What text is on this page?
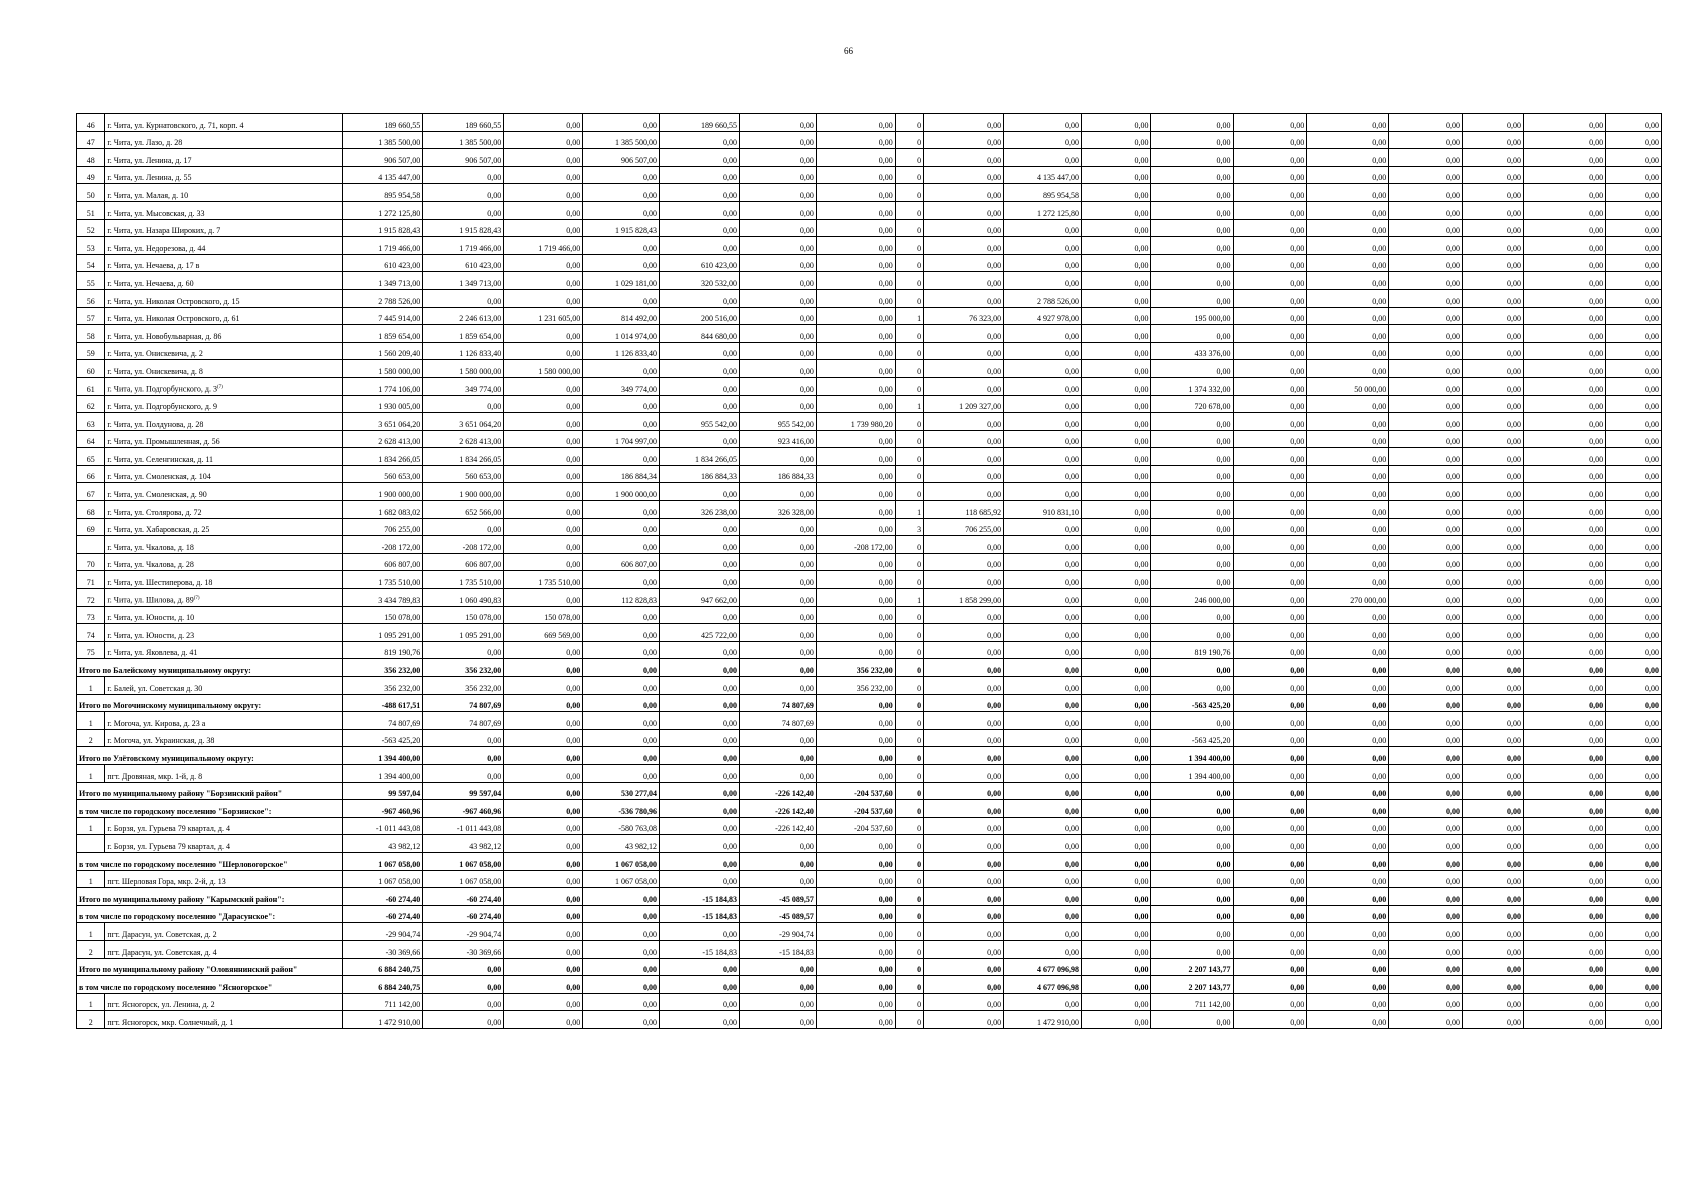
66
46	г. Чита, ул. Курнатовского, д. 71, корп. 4	189 660,55	189 660,55	0,00	0,00	189 660,55	0,00	0,00	0	0,00	0,00	0,00	0,00	0,00	0,00	0,00	0,00	0,00	0,00
47	г. Чита, ул. Лазо, д. 28	1 385 500,00	1 385 500,00	0,00	1 385 500,00	0,00	0,00	0,00	0	0,00	0,00	0,00	0,00	0,00	0,00	0,00	0,00	0,00	0,00
48	г. Чита, ул. Ленина, д. 17	906 507,00	906 507,00	0,00	906 507,00	0,00	0,00	0,00	0	0,00	0,00	0,00	0,00	0,00	0,00	0,00	0,00	0,00	0,00
49	г. Чита, ул. Ленина, д. 55	4 135 447,00	0,00	0,00	0,00	0,00	0,00	0,00	0	0,00	4 135 447,00	0,00	0,00	0,00	0,00	0,00	0,00	0,00	0,00
50	г. Чита, ул. Малая, д. 10	895 954,58	0,00	0,00	0,00	0,00	0,00	0,00	0	0,00	895 954,58	0,00	0,00	0,00	0,00	0,00	0,00	0,00	0,00
51	г. Чита, ул. Мысовская, д. 33	1 272 125,80	0,00	0,00	0,00	0,00	0,00	0,00	0	0,00	1 272 125,80	0,00	0,00	0,00	0,00	0,00	0,00	0,00	0,00
52	г. Чита, ул. Назара Широких, д. 7	1 915 828,43	1 915 828,43	0,00	1 915 828,43	0,00	0,00	0,00	0	0,00	0,00	0,00	0,00	0,00	0,00	0,00	0,00	0,00	0,00
53	г. Чита, ул. Недорезова, д. 44	1 719 466,00	1 719 466,00	1 719 466,00	0,00	0,00	0,00	0,00	0	0,00	0,00	0,00	0,00	0,00	0,00	0,00	0,00	0,00	0,00
54	г. Чита, ул. Нечаева, д. 17 в	610 423,00	610 423,00	0,00	0,00	610 423,00	0,00	0,00	0	0,00	0,00	0,00	0,00	0,00	0,00	0,00	0,00	0,00	0,00
55	г. Чита, ул. Нечаева, д. 60	1 349 713,00	1 349 713,00	0,00	1 029 181,00	320 532,00	0,00	0,00	0	0,00	0,00	0,00	0,00	0,00	0,00	0,00	0,00	0,00	0,00
56	г. Чита, ул. Николая Островского, д. 15	2 788 526,00	0,00	0,00	0,00	0,00	0,00	0,00	0	0,00	2 788 526,00	0,00	0,00	0,00	0,00	0,00	0,00	0,00	0,00
57	г. Чита, ул. Николая Островского, д. 61	7 445 914,00	2 246 613,00	1 231 605,00	814 492,00	200 516,00	0,00	0,00	1	76 323,00	4 927 978,00	0,00	195 000,00	0,00	0,00	0,00	0,00	0,00	0,00
58	г. Чита, ул. Новобульварная, д. 86	1 859 654,00	1 859 654,00	0,00	1 014 974,00	844 680,00	0,00	0,00	0	0,00	0,00	0,00	0,00	0,00	0,00	0,00	0,00	0,00	0,00
59	г. Чита, ул. Онискевича, д. 2	1 560 209,40	1 126 833,40	0,00	1 126 833,40	0,00	0,00	0,00	0	0,00	0,00	0,00	433 376,00	0,00	0,00	0,00	0,00	0,00	0,00
60	г. Чита, ул. Онискевича, д. 8	1 580 000,00	1 580 000,00	1 580 000,00	0,00	0,00	0,00	0,00	0	0,00	0,00	0,00	0,00	0,00	0,00	0,00	0,00	0,00	0,00
61	г. Чита, ул. Подгорбунского, д. 3$^{(7)}$	1 774 106,00	349 774,00	0,00	349 774,00	0,00	0,00	0,00	0	0,00	0,00	0,00	1 374 332,00	0,00	50 000,00	0,00	0,00	0,00	0,00
62	г. Чита, ул. Подгорбунского, д. 9	1 930 005,00	0,00	0,00	0,00	0,00	0,00	0,00	1	1 209 327,00	0,00	0,00	720 678,00	0,00	0,00	0,00	0,00	0,00	0,00
63	г. Чита, ул. Полдунова, д. 28	3 651 064,20	3 651 064,20	0,00	0,00	955 542,00	955 542,00	1 739 980,20	0	0,00	0,00	0,00	0,00	0,00	0,00	0,00	0,00	0,00	0,00
64	г. Чита, ул. Промышленная, д. 56	2 628 413,00	2 628 413,00	0,00	1 704 997,00	0,00	923 416,00	0,00	0	0,00	0,00	0,00	0,00	0,00	0,00	0,00	0,00	0,00	0,00
65	г. Чита, ул. Селенгинская, д. 11	1 834 266,05	1 834 266,05	0,00	0,00	1 834 266,05	0,00	0,00	0	0,00	0,00	0,00	0,00	0,00	0,00	0,00	0,00	0,00	0,00
66	г. Чита, ул. Смоленская, д. 104	560 653,00	560 653,00	0,00	186 884,34	186 884,33	186 884,33	0,00	0	0,00	0,00	0,00	0,00	0,00	0,00	0,00	0,00	0,00	0,00
67	г. Чита, ул. Смоленская, д. 90	1 900 000,00	1 900 000,00	0,00	1 900 000,00	0,00	0,00	0,00	0	0,00	0,00	0,00	0,00	0,00	0,00	0,00	0,00	0,00	0,00
68	г. Чита, ул. Столярова, д. 72	1 682 083,02	652 566,00	0,00	0,00	326 238,00	326 328,00	0,00	1	118 685,92	910 831,10	0,00	0,00	0,00	0,00	0,00	0,00	0,00	0,00
69	г. Чита, ул. Хабаровская, д. 25	706 255,00	0,00	0,00	0,00	0,00	0,00	0,00	3	706 255,00	0,00	0,00	0,00	0,00	0,00	0,00	0,00	0,00	0,00
	г. Чита, ул. Чкалова, д. 18	-208 172,00	-208 172,00	0,00	0,00	0,00	0,00	-208 172,00	0	0,00	0,00	0,00	0,00	0,00	0,00	0,00	0,00	0,00	0,00
70	г. Чита, ул. Чкалова, д. 28	606 807,00	606 807,00	0,00	606 807,00	0,00	0,00	0,00	0	0,00	0,00	0,00	0,00	0,00	0,00	0,00	0,00	0,00	0,00
71	г. Чита, ул. Шестиперова, д. 18	1 735 510,00	1 735 510,00	1 735 510,00	0,00	0,00	0,00	0,00	0	0,00	0,00	0,00	0,00	0,00	0,00	0,00	0,00	0,00	0,00
72	г. Чита, ул. Шилова, д. 89$^{(7)}$	3 434 789,83	1 060 490,83	0,00	112 828,83	947 662,00	0,00	0,00	1	1 858 299,00	0,00	0,00	246 000,00	0,00	270 000,00	0,00	0,00	0,00	0,00
73	г. Чита, ул. Юности, д. 10	150 078,00	150 078,00	150 078,00	0,00	0,00	0,00	0,00	0	0,00	0,00	0,00	0,00	0,00	0,00	0,00	0,00	0,00	0,00
74	г. Чита, ул. Юности, д. 23	1 095 291,00	1 095 291,00	669 569,00	0,00	425 722,00	0,00	0,00	0	0,00	0,00	0,00	0,00	0,00	0,00	0,00	0,00	0,00	0,00
75	г. Чита, ул. Яковлева, д. 41	819 190,76	0,00	0,00	0,00	0,00	0,00	0,00	0	0,00	0,00	0,00	819 190,76	0,00	0,00	0,00	0,00	0,00	0,00
Итого по Балейскому муниципальному округу:		356 232,00	356 232,00	0,00	0,00	0,00	0,00	356 232,00	0	0,00	0,00	0,00	0,00	0,00	0,00	0,00	0,00	0,00	0,00
1	г. Балей, ул. Советская д. 30	356 232,00	356 232,00	0,00	0,00	0,00	0,00	356 232,00	0	0,00	0,00	0,00	0,00	0,00	0,00	0,00	0,00	0,00	0,00
Итого по Могочинскому муниципальному округу:		-488 617,51	74 807,69	0,00	0,00	0,00	74 807,69	0,00	0	0,00	0,00	0,00	-563 425,20	0,00	0,00	0,00	0,00	0,00	0,00
1	г. Могоча, ул. Кирова, д. 23 а	74 807,69	74 807,69	0,00	0,00	0,00	74 807,69	0,00	0	0,00	0,00	0,00	0,00	0,00	0,00	0,00	0,00	0,00	0,00
2	г. Могоча, ул. Украинская, д. 38	-563 425,20	0,00	0,00	0,00	0,00	0,00	0,00	0	0,00	0,00	0,00	-563 425,20	0,00	0,00	0,00	0,00	0,00	0,00
Итого по Улётовскому муниципальному округу:		1 394 400,00	0,00	0,00	0,00	0,00	0,00	0,00	0	0,00	0,00	0,00	1 394 400,00	0,00	0,00	0,00	0,00	0,00	0,00
1	пгт. Дровяная, мкр. 1-й, д. 8	1 394 400,00	0,00	0,00	0,00	0,00	0,00	0,00	0	0,00	0,00	0,00	1 394 400,00	0,00	0,00	0,00	0,00	0,00	0,00
Итого по муниципальному району "Борзинский район"		99 597,04	99 597,04	0,00	530 277,04	0,00	-226 142,40	-204 537,60	0	0,00	0,00	0,00	0,00	0,00	0,00	0,00	0,00	0,00	0,00
в том числе по городскому поселению "Борзинское":		-967 460,96	-967 460,96	0,00	-536 780,96	0,00	-226 142,40	-204 537,60	0	0,00	0,00	0,00	0,00	0,00	0,00	0,00	0,00	0,00	0,00
1	г. Борзя, ул. Гурьева 79 квартал, д. 4	-1 011 443,08	-1 011 443,08	0,00	-580 763,08	0,00	-226 142,40	-204 537,60	0	0,00	0,00	0,00	0,00	0,00	0,00	0,00	0,00	0,00	0,00
	г. Борзя, ул. Гурьева 79 квартал, д. 4	43 982,12	43 982,12	0,00	43 982,12	0,00	0,00	0,00	0	0,00	0,00	0,00	0,00	0,00	0,00	0,00	0,00	0,00	0,00
в том числе по городскому поселению "Шерловогорское"		1 067 058,00	1 067 058,00	0,00	1 067 058,00	0,00	0,00	0,00	0	0,00	0,00	0,00	0,00	0,00	0,00	0,00	0,00	0,00	0,00
1	пгт. Шерловая Гора, мкр. 2-й, д. 13	1 067 058,00	1 067 058,00	0,00	1 067 058,00	0,00	0,00	0,00	0	0,00	0,00	0,00	0,00	0,00	0,00	0,00	0,00	0,00	0,00
Итого по муниципальному району "Карымский район":		-60 274,40	-60 274,40	0,00	0,00	-15 184,83	-45 089,57	0,00	0	0,00	0,00	0,00	0,00	0,00	0,00	0,00	0,00	0,00	0,00
в том числе по городскому поселению "Дарасунское":		-60 274,40	-60 274,40	0,00	0,00	-15 184,83	-45 089,57	0,00	0	0,00	0,00	0,00	0,00	0,00	0,00	0,00	0,00	0,00	0,00
1	пгт. Дарасун, ул. Советская, д. 2	-29 904,74	-29 904,74	0,00	0,00	0,00	-29 904,74	0,00	0	0,00	0,00	0,00	0,00	0,00	0,00	0,00	0,00	0,00	0,00
2	пгт. Дарасун, ул. Советская, д. 4	-30 369,66	-30 369,66	0,00	0,00	-15 184,83	-15 184,83	0,00	0	0,00	0,00	0,00	0,00	0,00	0,00	0,00	0,00	0,00	0,00
Итого по муниципальному району "Оловяннинский район"		6 884 240,75	0,00	0,00	0,00	0,00	0,00	0,00	0	0,00	4 677 096,98	0,00	2 207 143,77	0,00	0,00	0,00	0,00	0,00	0,00
в том числе по городскому поселению "Ясногорское"		6 884 240,75	0,00	0,00	0,00	0,00	0,00	0,00	0	0,00	4 677 096,98	0,00	2 207 143,77	0,00	0,00	0,00	0,00	0,00	0,00
1	пгт. Ясногорск, ул. Ленина, д. 2	711 142,00	0,00	0,00	0,00	0,00	0,00	0,00	0	0,00	0,00	0,00	711 142,00	0,00	0,00	0,00	0,00	0,00	0,00
2	пгт. Ясногорск, мкр. Солнечный, д. 1	1 472 910,00	0,00	0,00	0,00	0,00	0,00	0,00	0	0,00	1 472 910,00	0,00	0,00	0,00	0,00	0,00	0,00	0,00	0,00
